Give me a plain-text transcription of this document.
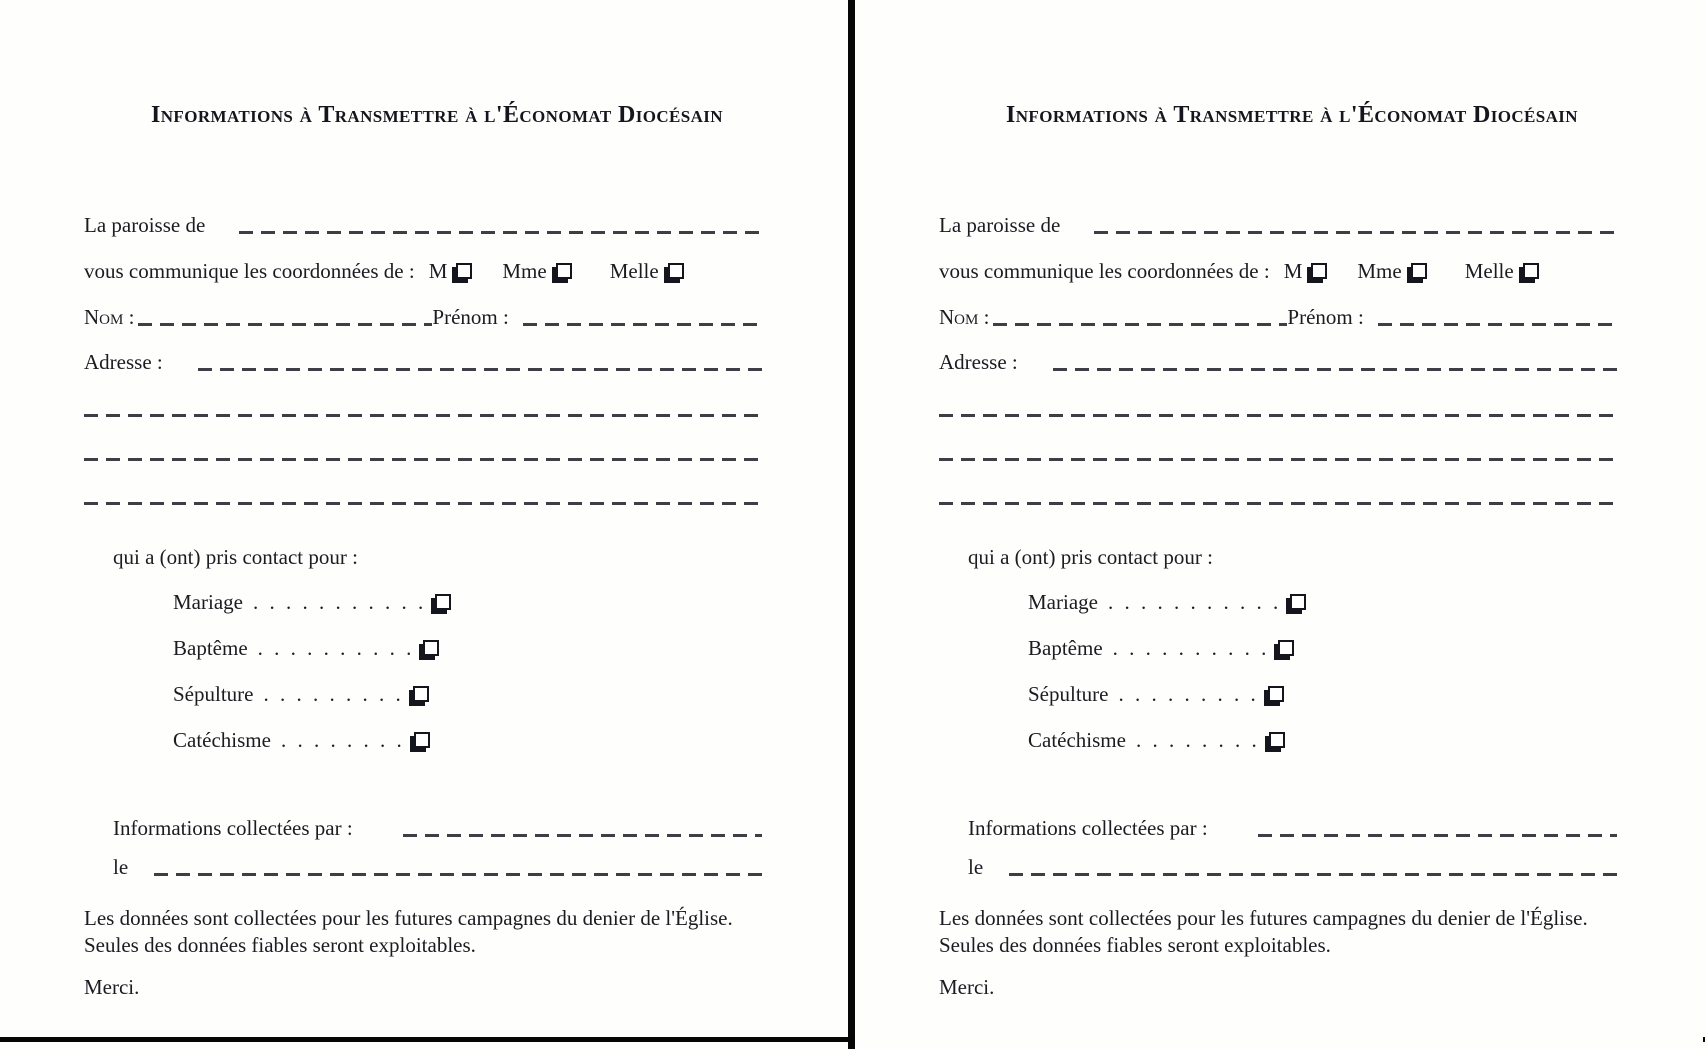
Informations à Transmettre à l'Économat Diocésain
La paroisse de
vous communique les coordonnées de : M	Mme	Melle
Nom :	Prénom :
Adresse :
qui a (ont) pris contact pour :
Mariage . . . . . . . . . . .
Baptême . . . . . . . . . .
Sépulture . . . . . . . . .
Catéchisme . . . . . . . .
Informations collectées par :
le
Les données sont collectées pour les futures campagnes du denier de l'Église.
Seules des données fiables seront exploitables.
Merci.
Informations à Transmettre à l'Économat Diocésain
La paroisse de
vous communique les coordonnées de : M	Mme	Melle
Nom :	Prénom :
Adresse :
qui a (ont) pris contact pour :
Mariage . . . . . . . . . . .
Baptême . . . . . . . . . .
Sépulture . . . . . . . . .
Catéchisme . . . . . . . .
Informations collectées par :
le
Les données sont collectées pour les futures campagnes du denier de l'Église.
Seules des données fiables seront exploitables.
Merci.
